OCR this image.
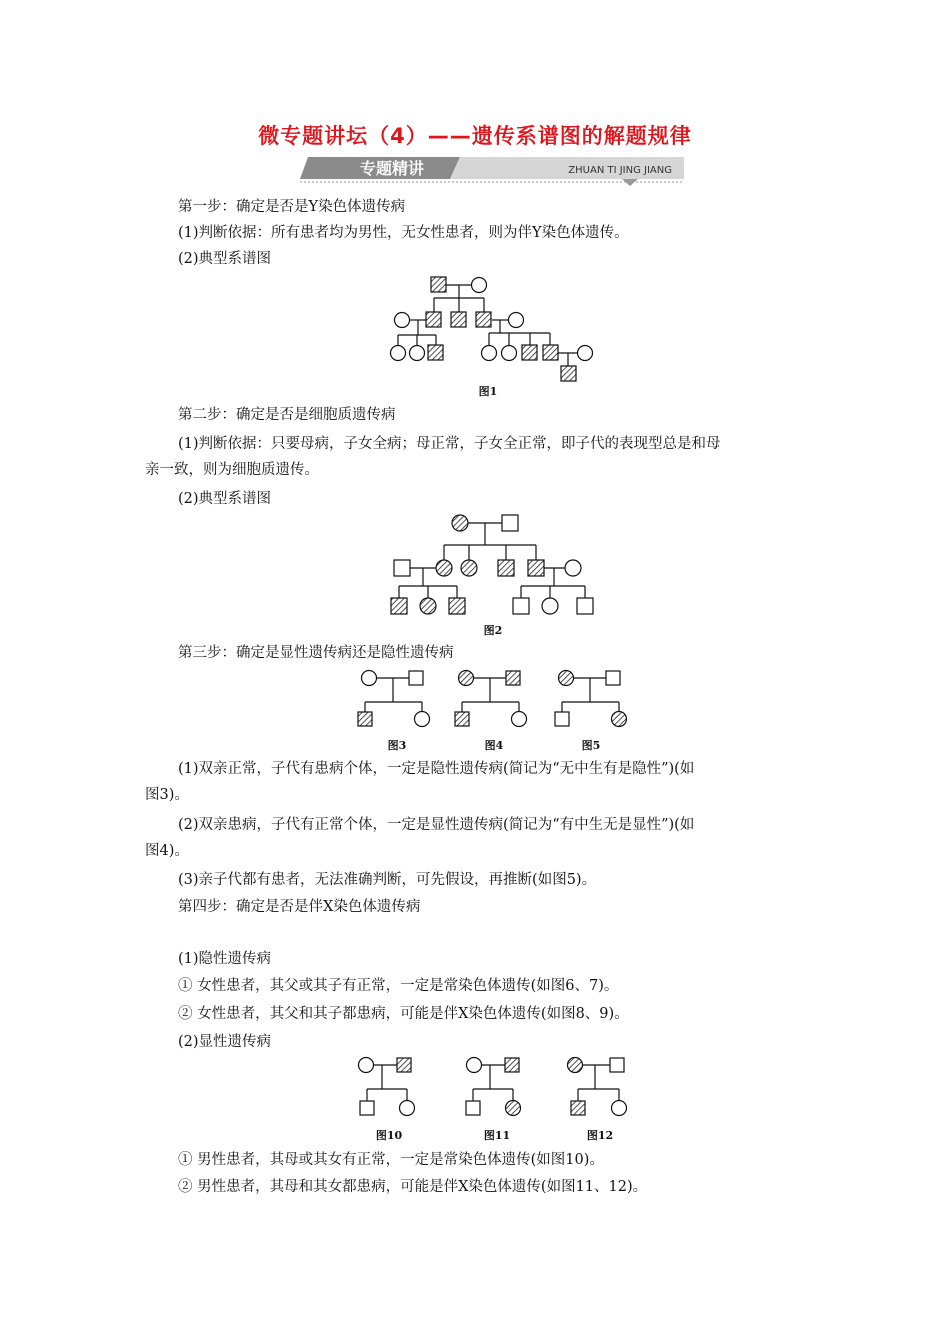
微专题讲坛（4）——遗传系谱图的解题规律
专题精讲	ZHUAN TI JING JIANG
第一步：确定是否是Y染色体遗传病
(1)判断依据：所有患者均为男性，无女性患者，则为伴Y染色体遗传。
(2)典型系谱图
图1
第二步：确定是否是细胞质遗传病
(1)判断依据：只要母病，子女全病；母正常，子女全正常，即子代的表现型总是和母
亲一致，则为细胞质遗传。
(2)典型系谱图
图2
第三步：确定是显性遗传病还是隐性遗传病
图3	图4	图5
(1)双亲正常，子代有患病个体，一定是隐性遗传病(简记为“无中生有是隐性”)(如
图3)。
(2)双亲患病，子代有正常个体，一定是显性遗传病(简记为“有中生无是显性”)(如
图4)。
(3)亲子代都有患者，无法准确判断，可先假设，再推断(如图5)。
第四步：确定是否是伴X染色体遗传病
(1)隐性遗传病
① 女性患者，其父或其子有正常，一定是常染色体遗传(如图6、7)。
② 女性患者，其父和其子都患病，可能是伴X染色体遗传(如图8、9)。
(2)显性遗传病
图10	图11	图12
① 男性患者，其母或其女有正常，一定是常染色体遗传(如图10)。
② 男性患者，其母和其女都患病，可能是伴X染色体遗传(如图11、12)。
